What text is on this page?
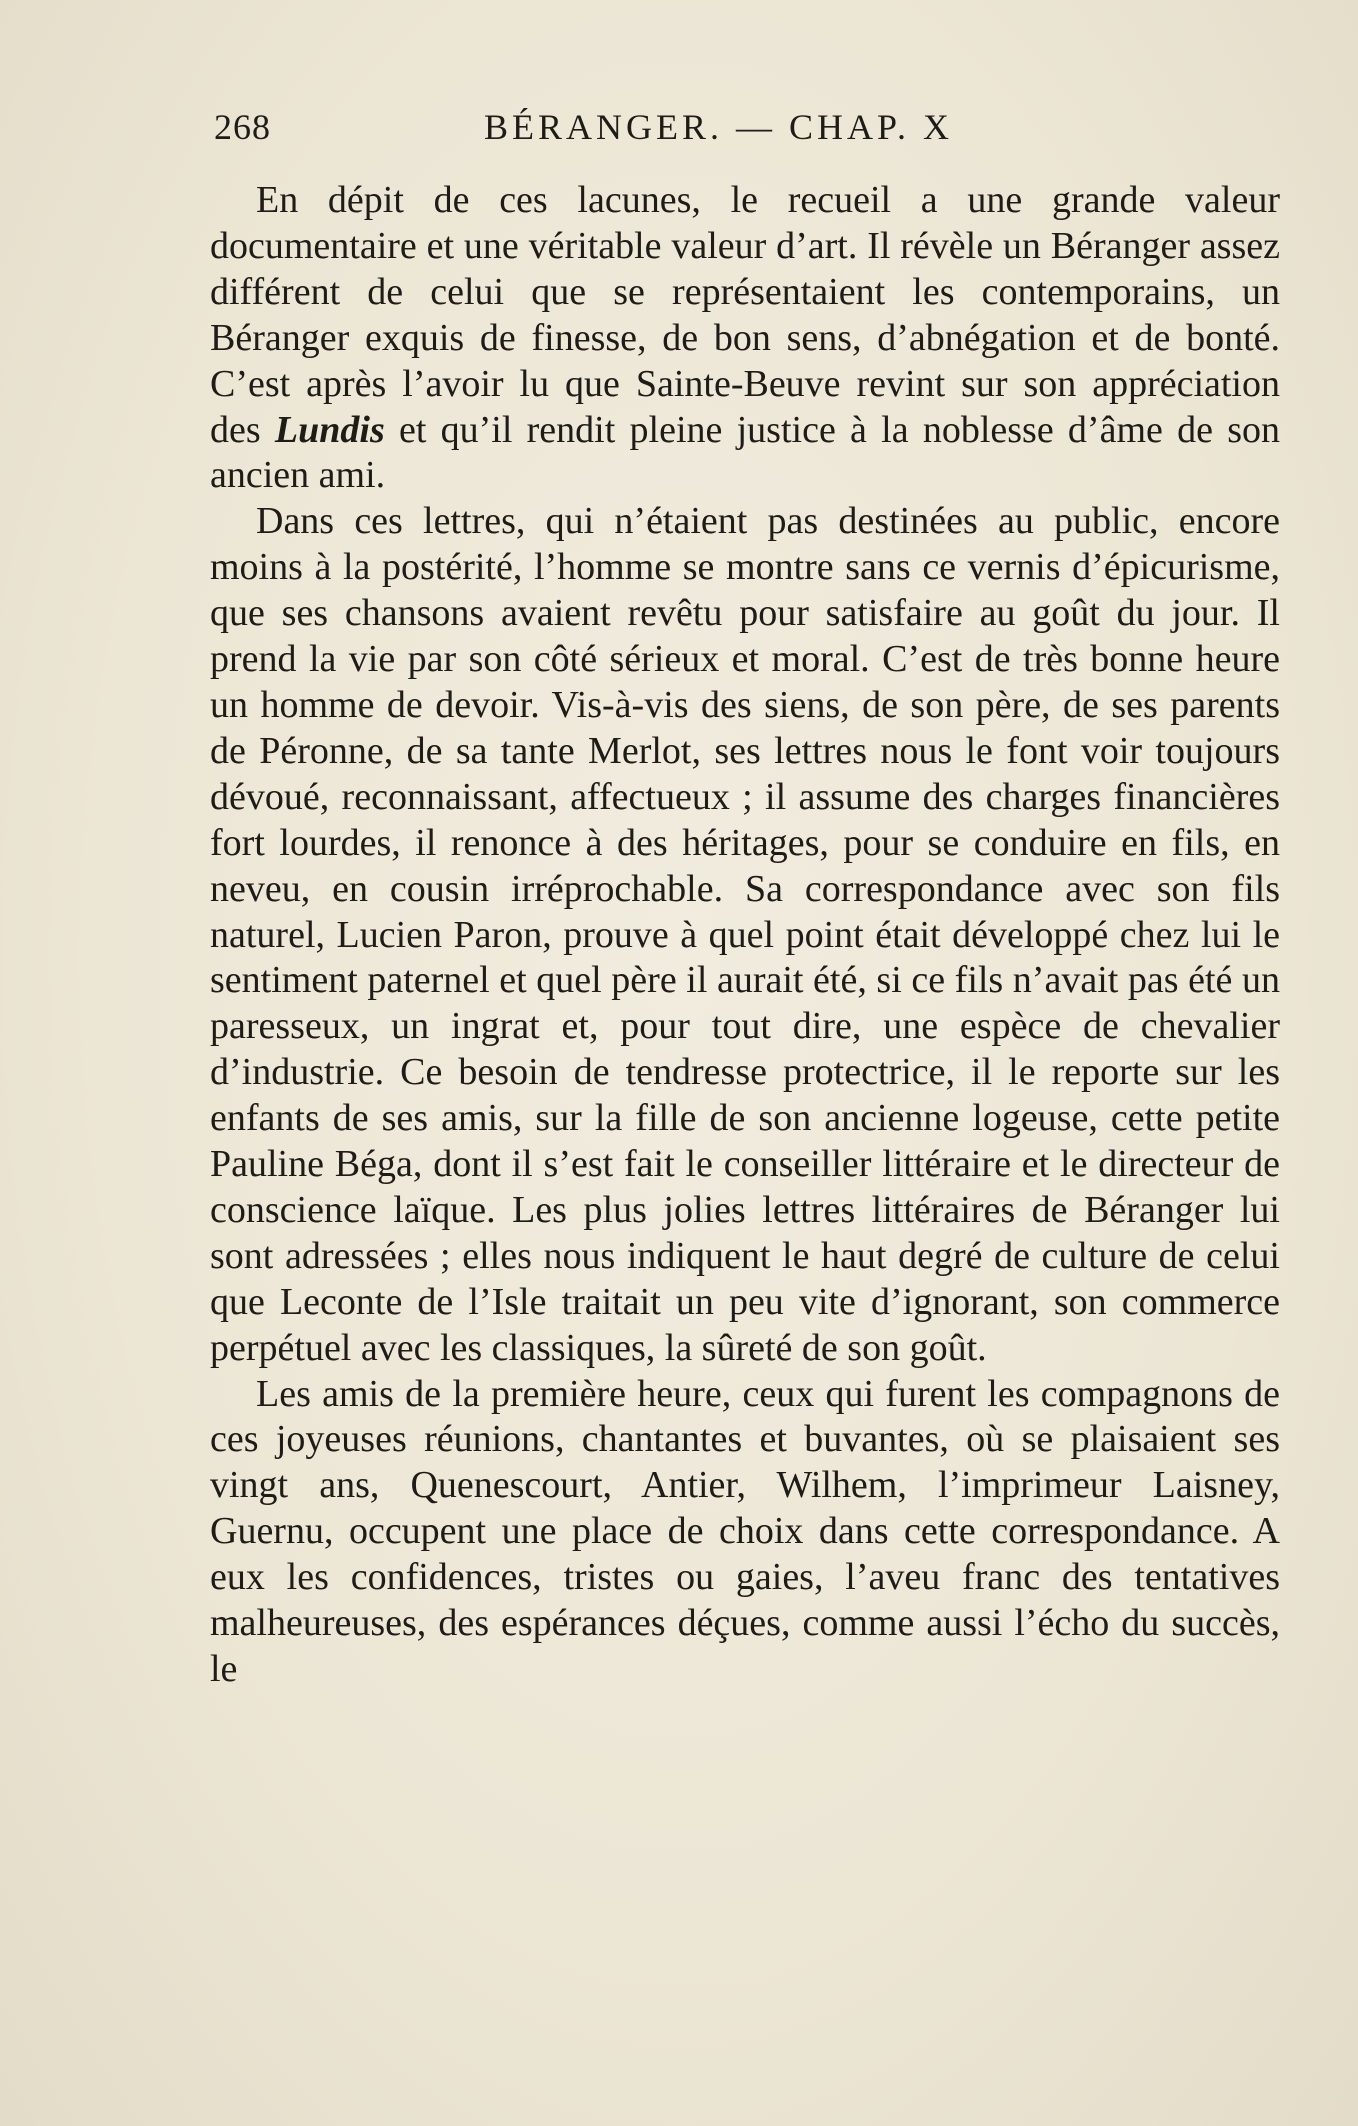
268	BÉRANGER. — CHAP. X

En dépit de ces lacunes, le recueil a une grande valeur documentaire et une véritable valeur d’art. Il révèle un Béranger assez différent de celui que se représentaient les contemporains, un Béranger exquis de finesse, de bon sens, d’abnégation et de bonté. C’est après l’avoir lu que Sainte-Beuve revint sur son appréciation des Lundis et qu’il rendit pleine justice à la noblesse d’âme de son ancien ami.

Dans ces lettres, qui n’étaient pas destinées au public, encore moins à la postérité, l’homme se montre sans ce vernis d’épicurisme, que ses chansons avaient revêtu pour satisfaire au goût du jour. Il prend la vie par son côté sérieux et moral. C’est de très bonne heure un homme de devoir. Vis-à-vis des siens, de son père, de ses parents de Péronne, de sa tante Merlot, ses lettres nous le font voir toujours dévoué, reconnaissant, affectueux ; il assume des charges financières fort lourdes, il renonce à des héritages, pour se conduire en fils, en neveu, en cousin irréprochable. Sa correspondance avec son fils naturel, Lucien Paron, prouve à quel point était développé chez lui le sentiment paternel et quel père il aurait été, si ce fils n’avait pas été un paresseux, un ingrat et, pour tout dire, une espèce de chevalier d’industrie. Ce besoin de tendresse protectrice, il le reporte sur les enfants de ses amis, sur la fille de son ancienne logeuse, cette petite Pauline Béga, dont il s’est fait le conseiller littéraire et le directeur de conscience laïque. Les plus jolies lettres littéraires de Béranger lui sont adressées ; elles nous indiquent le haut degré de culture de celui que Leconte de l’Isle traitait un peu vite d’ignorant, son commerce perpétuel avec les classiques, la sûreté de son goût.

Les amis de la première heure, ceux qui furent les compagnons de ces joyeuses réunions, chantantes et buvantes, où se plaisaient ses vingt ans, Quenescourt, Antier, Wilhem, l’imprimeur Laisney, Guernu, occupent une place de choix dans cette correspondance. A eux les confidences, tristes ou gaies, l’aveu franc des tentatives malheureuses, des espérances déçues, comme aussi l’écho du succès, le
